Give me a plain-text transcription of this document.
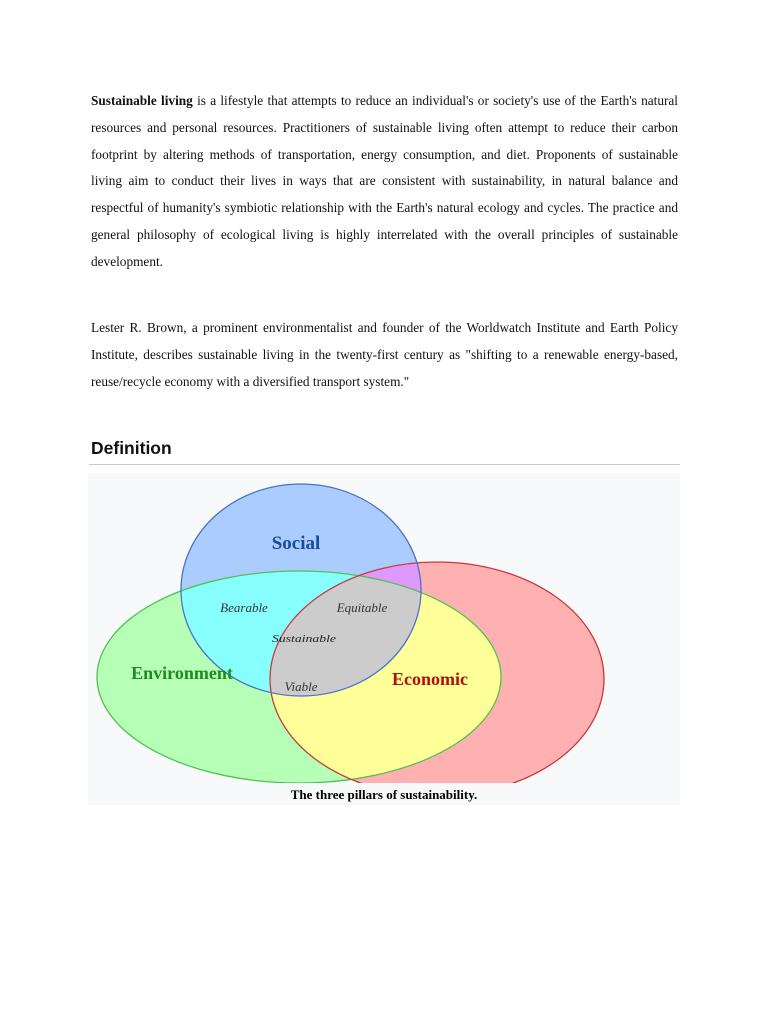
Sustainable living is a lifestyle that attempts to reduce an individual's or society's use of the Earth's natural resources and personal resources. Practitioners of sustainable living often attempt to reduce their carbon footprint by altering methods of transportation, energy consumption, and diet. Proponents of sustainable living aim to conduct their lives in ways that are consistent with sustainability, in natural balance and respectful of humanity's symbiotic relationship with the Earth's natural ecology and cycles. The practice and general philosophy of ecological living is highly interrelated with the overall principles of sustainable development.

Lester R. Brown, a prominent environmentalist and founder of the Worldwatch Institute and Earth Policy Institute, describes sustainable living in the twenty-first century as "shifting to a renewable energy-based, reuse/recycle economy with a diversified transport system."

Definition
Social
Environment	Economic
Bearable	Equitable
Viable
Sustainable
The three pillars of sustainability.
